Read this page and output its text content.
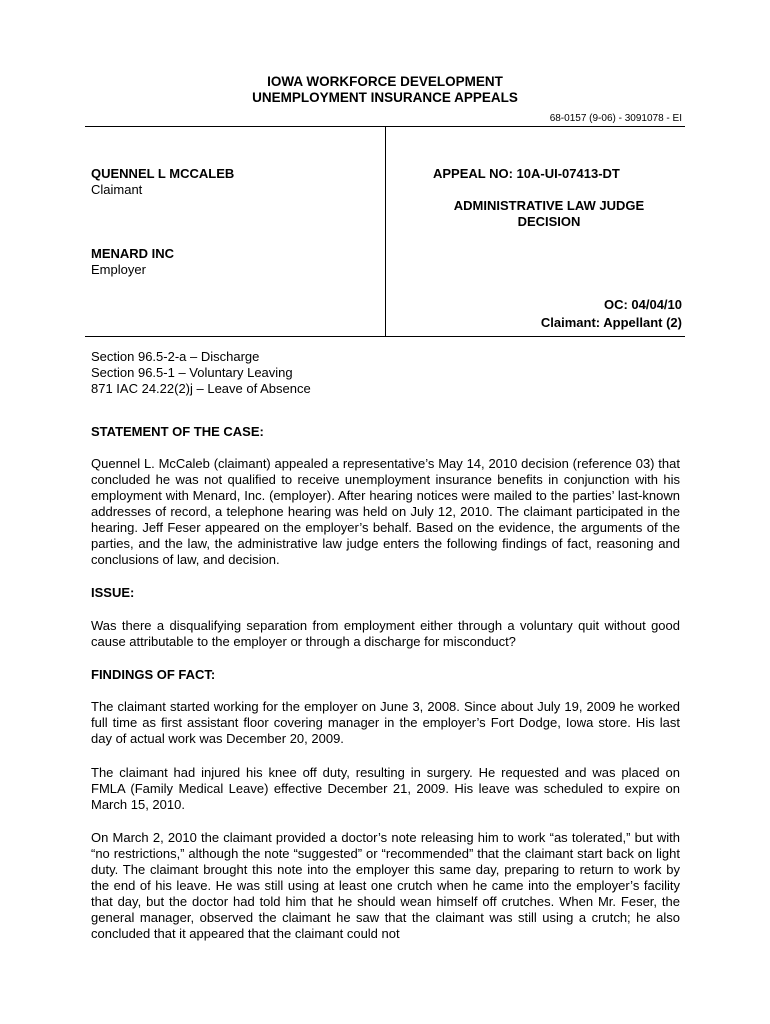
IOWA WORKFORCE DEVELOPMENT
UNEMPLOYMENT INSURANCE APPEALS
68-0157 (9-06) - 3091078 - EI
QUENNEL L MCCALEB
Claimant
MENARD INC
Employer
APPEAL NO: 10A-UI-07413-DT
ADMINISTRATIVE LAW JUDGE
DECISION
OC: 04/04/10
Claimant: Appellant (2)
Section 96.5-2-a – Discharge
Section 96.5-1 – Voluntary Leaving
871 IAC 24.22(2)j – Leave of Absence
STATEMENT OF THE CASE:
Quennel L. McCaleb (claimant) appealed a representative’s May 14, 2010 decision (reference 03) that concluded he was not qualified to receive unemployment insurance benefits in conjunction with his employment with Menard, Inc. (employer). After hearing notices were mailed to the parties’ last-known addresses of record, a telephone hearing was held on July 12, 2010. The claimant participated in the hearing. Jeff Feser appeared on the employer’s behalf. Based on the evidence, the arguments of the parties, and the law, the administrative law judge enters the following findings of fact, reasoning and conclusions of law, and decision.
ISSUE:
Was there a disqualifying separation from employment either through a voluntary quit without good cause attributable to the employer or through a discharge for misconduct?
FINDINGS OF FACT:
The claimant started working for the employer on June 3, 2008. Since about July 19, 2009 he worked full time as first assistant floor covering manager in the employer’s Fort Dodge, Iowa store. His last day of actual work was December 20, 2009.
The claimant had injured his knee off duty, resulting in surgery. He requested and was placed on FMLA (Family Medical Leave) effective December 21, 2009. His leave was scheduled to expire on March 15, 2010.
On March 2, 2010 the claimant provided a doctor’s note releasing him to work “as tolerated,” but with “no restrictions,” although the note “suggested” or “recommended” that the claimant start back on light duty. The claimant brought this note into the employer this same day, preparing to return to work by the end of his leave. He was still using at least one crutch when he came into the employer’s facility that day, but the doctor had told him that he should wean himself off crutches. When Mr. Feser, the general manager, observed the claimant he saw that the claimant was still using a crutch; he also concluded that it appeared that the claimant could not
